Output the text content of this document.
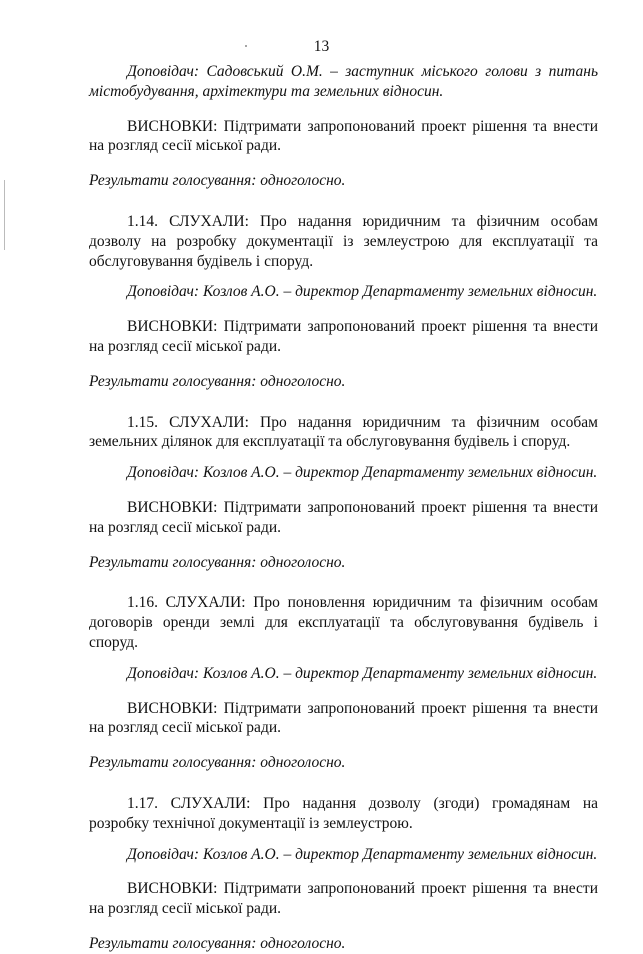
13

Доповідач: Садовський О.М. – заступник міського голови з питань містобудування, архітектури та земельних відносин.

ВИСНОВКИ: Підтримати запропонований проект рішення та внести на розгляд сесії міської ради.

Результати голосування: одноголосно.

1.14. СЛУХАЛИ: Про надання юридичним та фізичним особам дозволу на розробку документації із землеустрою для експлуатації та обслуговування будівель і споруд.

Доповідач: Козлов А.О. – директор Департаменту земельних відносин.

ВИСНОВКИ: Підтримати запропонований проект рішення та внести на розгляд сесії міської ради.

Результати голосування: одноголосно.

1.15. СЛУХАЛИ: Про надання юридичним та фізичним особам земельних ділянок для експлуатації та обслуговування будівель і споруд.

Доповідач: Козлов А.О. – директор Департаменту земельних відносин.

ВИСНОВКИ: Підтримати запропонований проект рішення та внести на розгляд сесії міської ради.

Результати голосування: одноголосно.

1.16. СЛУХАЛИ: Про поновлення юридичним та фізичним особам договорів оренди землі для експлуатації та обслуговування будівель і споруд.

Доповідач: Козлов А.О. – директор Департаменту земельних відносин.

ВИСНОВКИ: Підтримати запропонований проект рішення та внести на розгляд сесії міської ради.

Результати голосування: одноголосно.

1.17. СЛУХАЛИ: Про надання дозволу (згоди) громадянам на розробку технічної документації із землеустрою.

Доповідач: Козлов А.О. – директор Департаменту земельних відносин.

ВИСНОВКИ: Підтримати запропонований проект рішення та внести на розгляд сесії міської ради.

Результати голосування: одноголосно.
